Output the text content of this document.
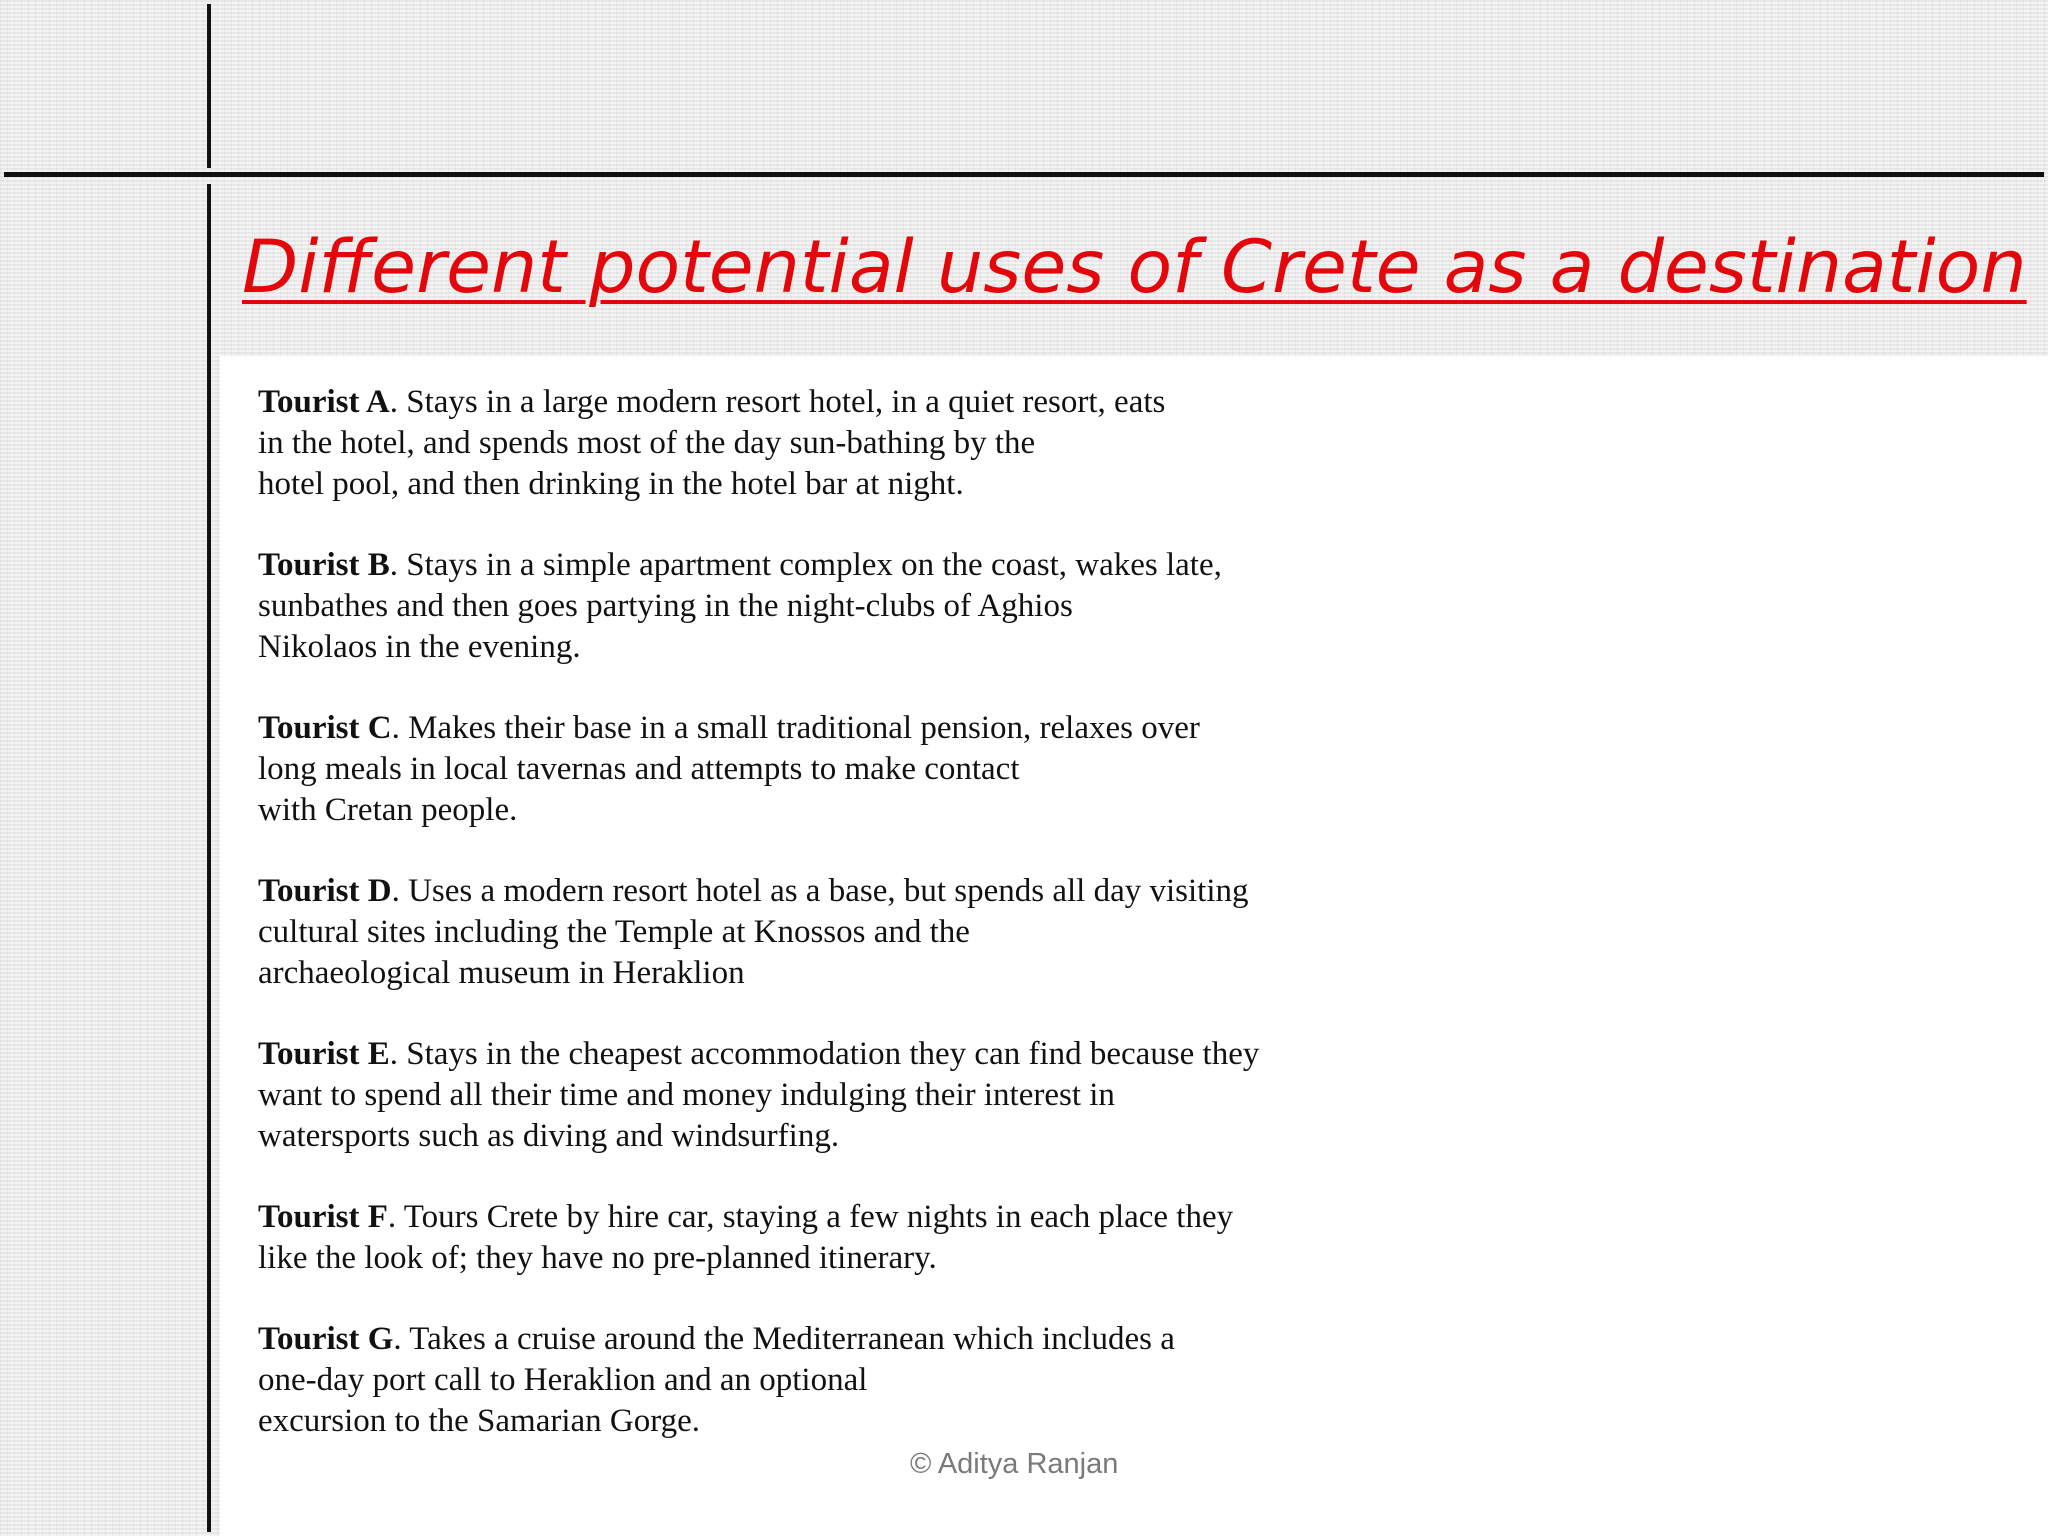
Different potential uses of Crete as a destination

Tourist A. Stays in a large modern resort hotel, in a quiet resort, eats
in the hotel, and spends most of the day sun-bathing by the
hotel pool, and then drinking in the hotel bar at night.

Tourist B. Stays in a simple apartment complex on the coast, wakes late,
sunbathes and then goes partying in the night-clubs of Aghios
Nikolaos in the evening.

Tourist C. Makes their base in a small traditional pension, relaxes over
long meals in local tavernas and attempts to make contact
with Cretan people.

Tourist D. Uses a modern resort hotel as a base, but spends all day visiting
cultural sites including the Temple at Knossos and the
archaeological museum in Heraklion

Tourist E. Stays in the cheapest accommodation they can find because they
want to spend all their time and money indulging their interest in
watersports such as diving and windsurfing.

Tourist F. Tours Crete by hire car, staying a few nights in each place they
like the look of; they have no pre-planned itinerary.

Tourist G. Takes a cruise around the Mediterranean which includes a
one-day port call to Heraklion and an optional
excursion to the Samarian Gorge.

© Aditya Ranjan
